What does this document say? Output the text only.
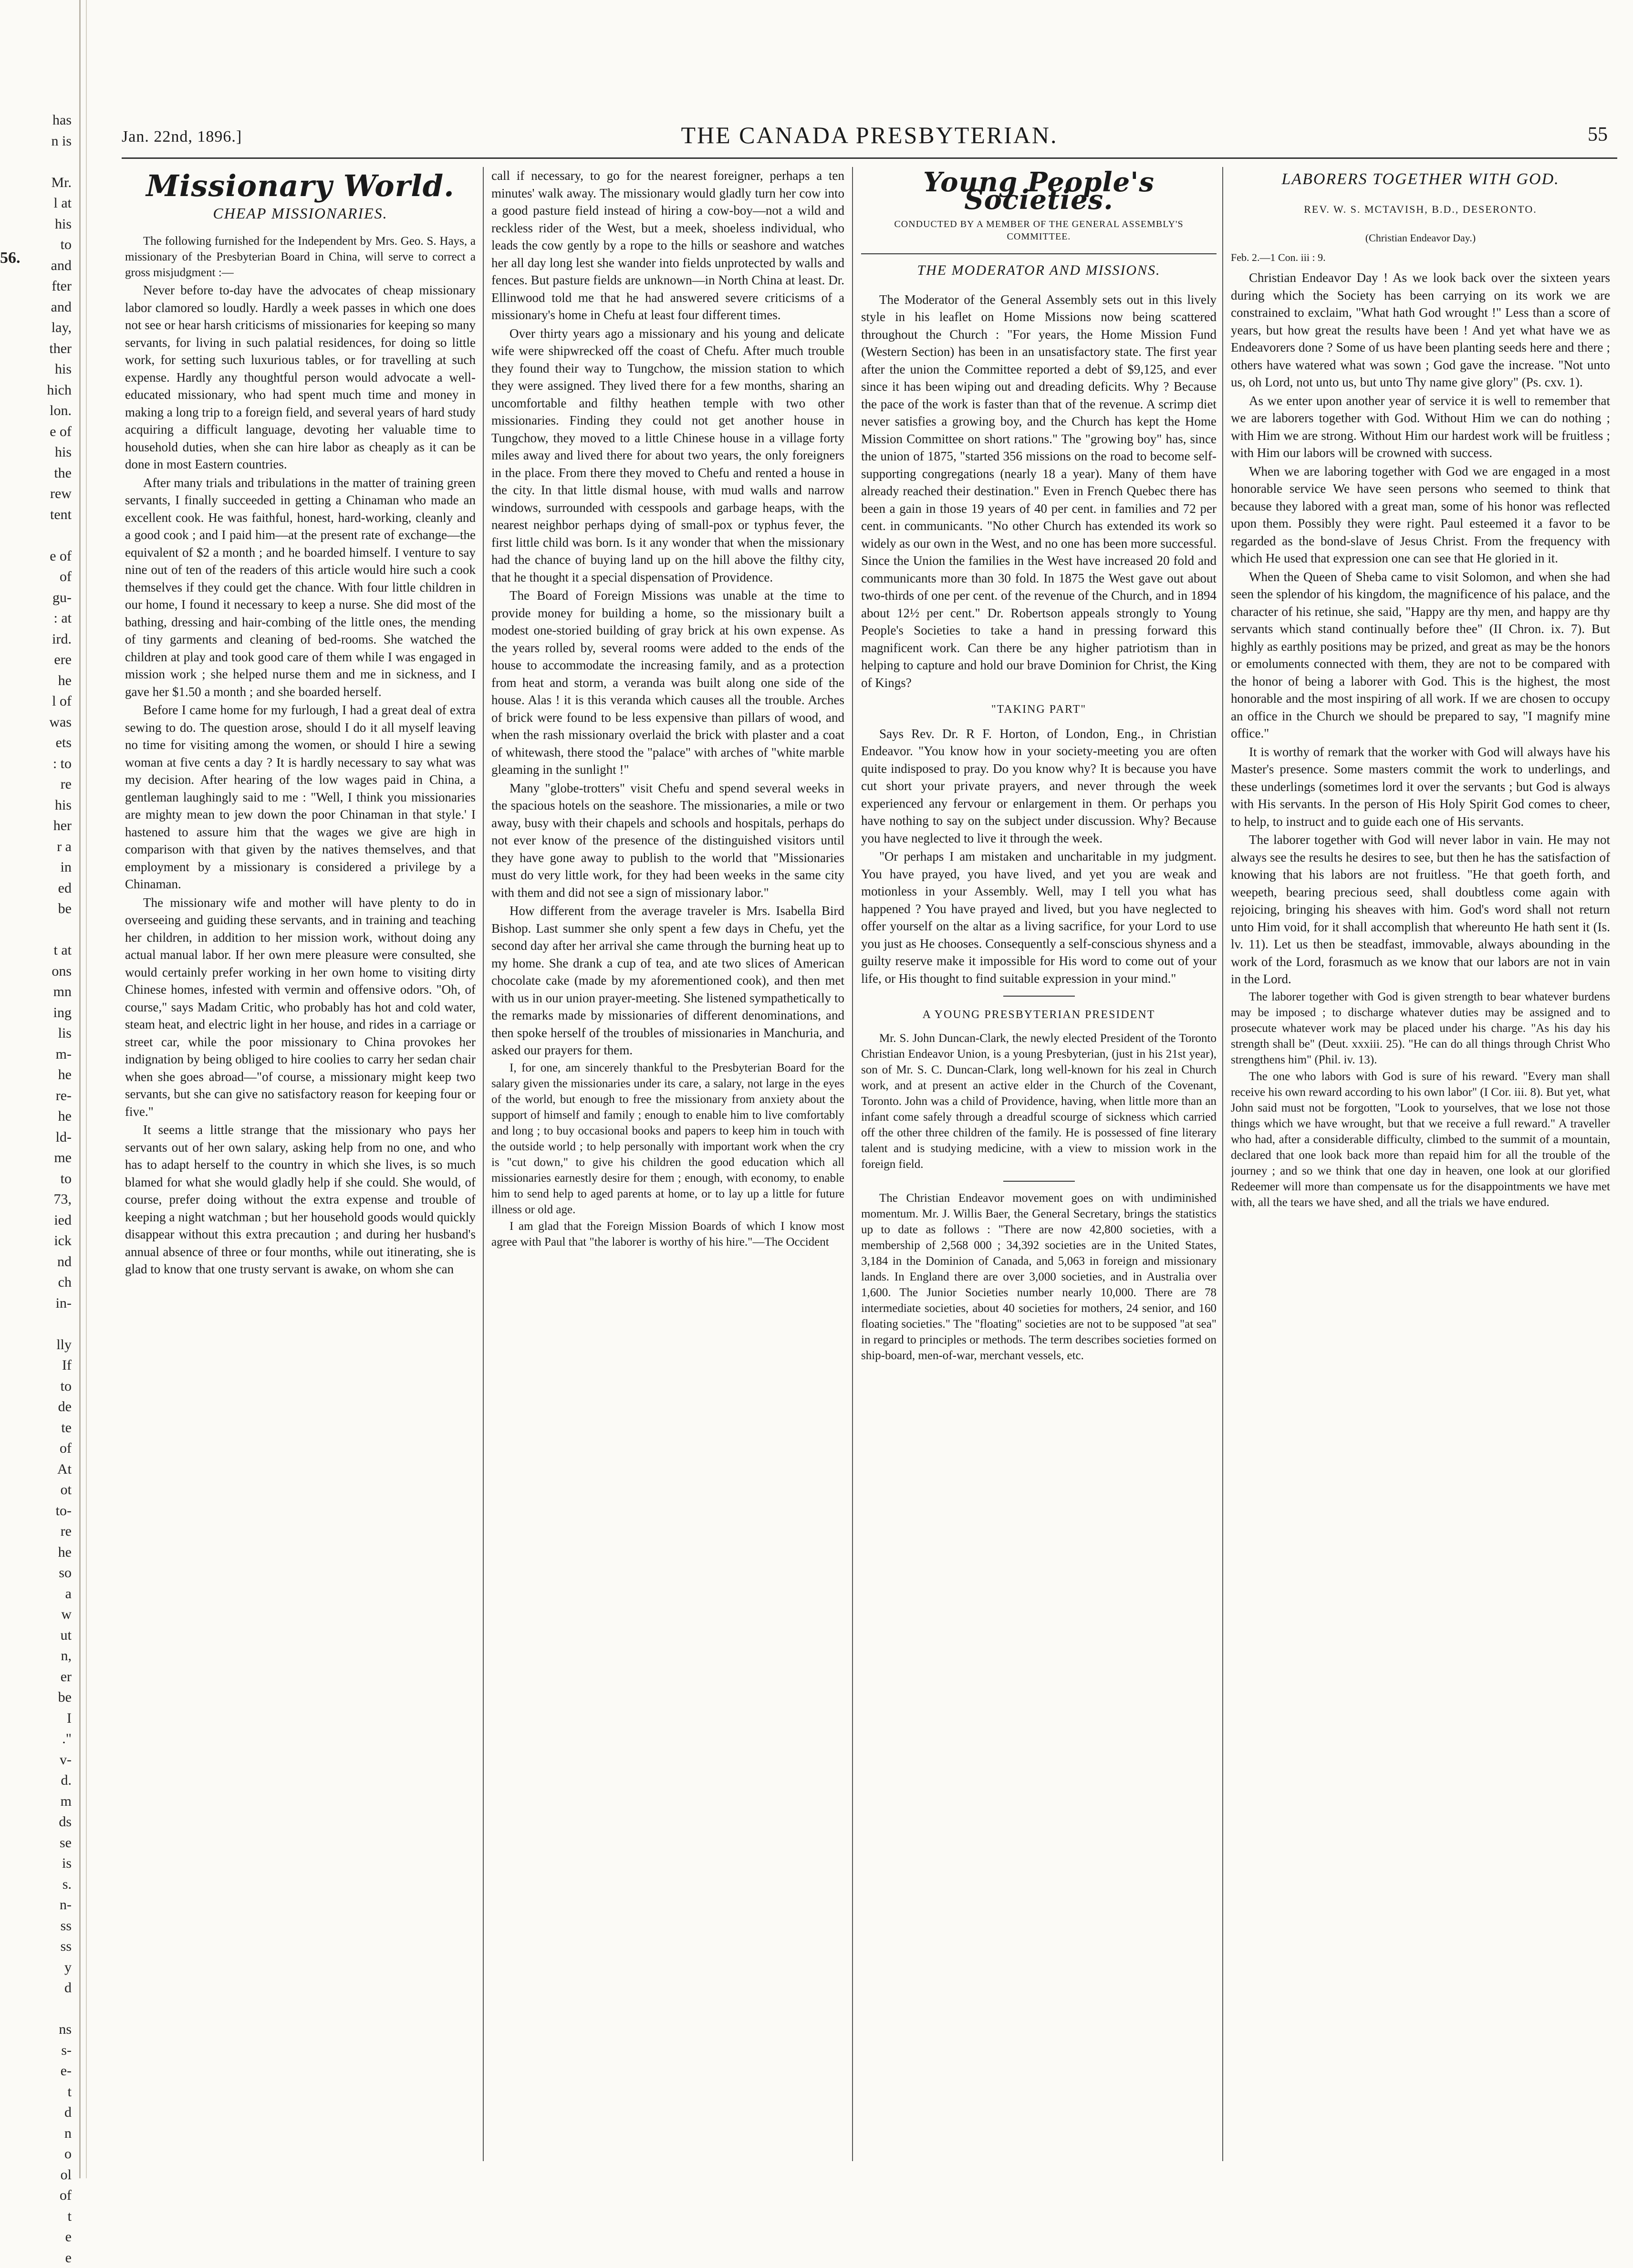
56.
has
n is
Mr.
l at
his
to
and
fter
and
lay,
ther
his
hich
lon.
e of
his
the
rew
tent
e of
of
gu-
: at
ird.
ere
he
l of
was
ets
: to
re
his
her
r a
in
ed
be
t at
ons
mn
ing
lis
m-
he
re-
he
ld-
me
to
73,
ied
ick
nd
ch
in-
lly
If
to
de
te
of
At
ot
to-
re
he
so
a
w
ut
n,
er
be
I
."
v-
d.
m
ds
se
is
s.
n-
ss
ss
y
d
ns
s-
e-
t
d
n
o
ol
of
t
e
e
Jan. 22nd, 1896.]	THE CANADA PRESBYTERIAN.	55
Missionary World.
CHEAP MISSIONARIES.

The following furnished for the Independent by Mrs. Geo. S. Hays, a missionary of the Presbyterian Board in China, will serve to correct a gross misjudgment :—

Never before to-day have the advocates of cheap missionary labor clamored so loudly. Hardly a week passes in which one does not see or hear harsh criticisms of missionaries for keeping so many servants, for living in such palatial residences, for doing so little work, for setting such luxurious tables, or for travelling at such expense. Hardly any thoughtful person would advocate a well-educated missionary, who had spent much time and money in making a long trip to a foreign field, and several years of hard study acquiring a difficult language, devoting her valuable time to household duties, when she can hire labor as cheaply as it can be done in most Eastern countries.

After many trials and tribulations in the matter of training green servants, I finally succeeded in getting a Chinaman who made an excellent cook. He was faithful, honest, hard-working, cleanly and a good cook ; and I paid him—at the present rate of exchange—the equivalent of $2 a month ; and he boarded himself. I venture to say nine out of ten of the readers of this article would hire such a cook themselves if they could get the chance. With four little children in our home, I found it necessary to keep a nurse. She did most of the bathing, dressing and hair-combing of the little ones, the mending of tiny garments and cleaning of bed-rooms. She watched the children at play and took good care of them while I was engaged in mission work ; she helped nurse them and me in sickness, and I gave her $1.50 a month ; and she boarded herself.

Before I came home for my furlough, I had a great deal of extra sewing to do. The question arose, should I do it all myself leaving no time for visiting among the women, or should I hire a sewing woman at five cents a day ? It is hardly necessary to say what was my decision. After hearing of the low wages paid in China, a gentleman laughingly said to me : "Well, I think you missionaries are mighty mean to jew down the poor Chinaman in that style.' I hastened to assure him that the wages we give are high in comparison with that given by the natives themselves, and that employment by a missionary is considered a privilege by a Chinaman.

The missionary wife and mother will have plenty to do in overseeing and guiding these servants, and in training and teaching her children, in addition to her mission work, without doing any actual manual labor. If her own mere pleasure were consulted, she would certainly prefer working in her own home to visiting dirty Chinese homes, infested with vermin and offensive odors. "Oh, of course," says Madam Critic, who probably has hot and cold water, steam heat, and electric light in her house, and rides in a carriage or street car, while the poor missionary to China provokes her indignation by being obliged to hire coolies to carry her sedan chair when she goes abroad—"of course, a missionary might keep two servants, but she can give no satisfactory reason for keeping four or five."

It seems a little strange that the missionary who pays her servants out of her own salary, asking help from no one, and who has to adapt herself to the country in which she lives, is so much blamed for what she would gladly help if she could. She would, of course, prefer doing without the extra expense and trouble of keeping a night watchman ; but her household goods would quickly disappear without this extra precaution ; and during her husband's annual absence of three or four months, while out itinerating, she is glad to know that one trusty servant is awake, on whom she can

call if necessary, to go for the nearest foreigner, perhaps a ten minutes' walk away. The missionary would gladly turn her cow into a good pasture field instead of hiring a cow-boy—not a wild and reckless rider of the West, but a meek, shoeless individual, who leads the cow gently by a rope to the hills or seashore and watches her all day long lest she wander into fields unprotected by walls and fences. But pasture fields are unknown—in North China at least. Dr. Ellinwood told me that he had answered severe criticisms of a missionary's home in Chefu at least four different times.

Over thirty years ago a missionary and his young and delicate wife were shipwrecked off the coast of Chefu. After much trouble they found their way to Tungchow, the mission station to which they were assigned. They lived there for a few months, sharing an uncomfortable and filthy heathen temple with two other missionaries. Finding they could not get another house in Tungchow, they moved to a little Chinese house in a village forty miles away and lived there for about two years, the only foreigners in the place. From there they moved to Chefu and rented a house in the city. In that little dismal house, with mud walls and narrow windows, surrounded with cesspools and garbage heaps, with the nearest neighbor perhaps dying of small-pox or typhus fever, the first little child was born. Is it any wonder that when the missionary had the chance of buying land up on the hill above the filthy city, that he thought it a special dispensation of Providence.

The Board of Foreign Missions was unable at the time to provide money for building a home, so the missionary built a modest one-storied building of gray brick at his own expense. As the years rolled by, several rooms were added to the ends of the house to accommodate the increasing family, and as a protection from heat and storm, a veranda was built along one side of the house. Alas ! it is this veranda which causes all the trouble. Arches of brick were found to be less expensive than pillars of wood, and when the rash missionary overlaid the brick with plaster and a coat of whitewash, there stood the "palace" with arches of "white marble gleaming in the sunlight !"

Many "globe-trotters" visit Chefu and spend several weeks in the spacious hotels on the seashore. The missionaries, a mile or two away, busy with their chapels and schools and hospitals, perhaps do not ever know of the presence of the distinguished visitors until they have gone away to publish to the world that "Missionaries must do very little work, for they had been weeks in the same city with them and did not see a sign of missionary labor."

How different from the average traveler is Mrs. Isabella Bird Bishop. Last summer she only spent a few days in Chefu, yet the second day after her arrival she came through the burning heat up to my home. She drank a cup of tea, and ate two slices of American chocolate cake (made by my aforementioned cook), and then met with us in our union prayer-meeting. She listened sympathetically to the remarks made by missionaries of different denominations, and then spoke herself of the troubles of missionaries in Manchuria, and asked our prayers for them.

I, for one, am sincerely thankful to the Presbyterian Board for the salary given the missionaries under its care, a salary, not large in the eyes of the world, but enough to free the missionary from anxiety about the support of himself and family ; enough to enable him to live comfortably and long ; to buy occasional books and papers to keep him in touch with the outside world ; to help personally with important work when the cry is "cut down," to give his children the good education which all missionaries earnestly desire for them ; enough, with economy, to enable him to send help to aged parents at home, or to lay up a little for future illness or old age.

I am glad that the Foreign Mission Boards of which I know most agree with Paul that "the laborer is worthy of his hire."—The Occident

Young People's Societies.
CONDUCTED BY A MEMBER OF THE GENERAL ASSEMBLY'S COMMITTEE.
THE MODERATOR AND MISSIONS.

The Moderator of the General Assembly sets out in this lively style in his leaflet on Home Missions now being scattered throughout the Church : "For years, the Home Mission Fund (Western Section) has been in an unsatisfactory state. The first year after the union the Committee reported a debt of $9,125, and ever since it has been wiping out and dreading deficits. Why ? Because the pace of the work is faster than that of the revenue. A scrimp diet never satisfies a growing boy, and the Church has kept the Home Mission Committee on short rations." The "growing boy" has, since the union of 1875, "started 356 missions on the road to become self-supporting congregations (nearly 18 a year). Many of them have already reached their destination." Even in French Quebec there has been a gain in those 19 years of 40 per cent. in families and 72 per cent. in communicants. "No other Church has extended its work so widely as our own in the West, and no one has been more successful. Since the Union the families in the West have increased 20 fold and communicants more than 30 fold. In 1875 the West gave out about two-thirds of one per cent. of the revenue of the Church, and in 1894 about 12½ per cent." Dr. Robertson appeals strongly to Young People's Societies to take a hand in pressing forward this magnificent work. Can there be any higher patriotism than in helping to capture and hold our brave Dominion for Christ, the King of Kings?

"TAKING PART"

Says Rev. Dr. R F. Horton, of London, Eng., in Christian Endeavor. "You know how in your society-meeting you are often quite indisposed to pray. Do you know why? It is because you have cut short your private prayers, and never through the week experienced any fervour or enlargement in them. Or perhaps you have nothing to say on the subject under discussion. Why? Because you have neglected to live it through the week.

"Or perhaps I am mistaken and uncharitable in my judgment. You have prayed, you have lived, and yet you are weak and motionless in your Assembly. Well, may I tell you what has happened ? You have prayed and lived, but you have neglected to offer yourself on the altar as a living sacrifice, for your Lord to use you just as He chooses. Consequently a self-conscious shyness and a guilty reserve make it impossible for His word to come out of your life, or His thought to find suitable expression in your mind."

A YOUNG PRESBYTERIAN PRESIDENT

Mr. S. John Duncan-Clark, the newly elected President of the Toronto Christian Endeavor Union, is a young Presbyterian, (just in his 21st year), son of Mr. S. C. Duncan-Clark, long well-known for his zeal in Church work, and at present an active elder in the Church of the Covenant, Toronto. John was a child of Providence, having, when little more than an infant come safely through a dreadful scourge of sickness which carried off the other three children of the family. He is possessed of fine literary talent and is studying medicine, with a view to mission work in the foreign field.

The Christian Endeavor movement goes on with undiminished momentum. Mr. J. Willis Baer, the General Secretary, brings the statistics up to date as follows : "There are now 42,800 societies, with a membership of 2,568 000 ; 34,392 societies are in the United States, 3,184 in the Dominion of Canada, and 5,063 in foreign and missionary lands. In England there are over 3,000 societies, and in Australia over 1,600. The Junior Societies number nearly 10,000. There are 78 intermediate societies, about 40 societies for mothers, 24 senior, and 160 floating societies." The "floating" societies are not to be supposed "at sea" in regard to principles or methods. The term describes societies formed on ship-board, men-of-war, merchant vessels, etc.

LABORERS TOGETHER WITH GOD.
REV. W. S. MCTAVISH, B.D., DESERONTO.
(Christian Endeavor Day.)
Feb. 2.—1 Con. iii : 9.

Christian Endeavor Day ! As we look back over the sixteen years during which the Society has been carrying on its work we are constrained to exclaim, "What hath God wrought !" Less than a score of years, but how great the results have been ! And yet what have we as Endeavorers done ? Some of us have been planting seeds here and there ; others have watered what was sown ; God gave the increase. "Not unto us, oh Lord, not unto us, but unto Thy name give glory" (Ps. cxv. 1).

As we enter upon another year of service it is well to remember that we are laborers together with God. Without Him we can do nothing ; with Him we are strong. Without Him our hardest work will be fruitless ; with Him our labors will be crowned with success.

When we are laboring together with God we are engaged in a most honorable service We have seen persons who seemed to think that because they labored with a great man, some of his honor was reflected upon them. Possibly they were right. Paul esteemed it a favor to be regarded as the bond-slave of Jesus Christ. From the frequency with which He used that expression one can see that He gloried in it.

When the Queen of Sheba came to visit Solomon, and when she had seen the splendor of his kingdom, the magnificence of his palace, and the character of his retinue, she said, "Happy are thy men, and happy are thy servants which stand continually before thee" (II Chron. ix. 7). But highly as earthly positions may be prized, and great as may be the honors or emoluments connected with them, they are not to be compared with the honor of being a laborer with God. This is the highest, the most honorable and the most inspiring of all work. If we are chosen to occupy an office in the Church we should be prepared to say, "I magnify mine office."

It is worthy of remark that the worker with God will always have his Master's presence. Some masters commit the work to underlings, and these underlings (sometimes lord it over the servants ; but God is always with His servants. In the person of His Holy Spirit God comes to cheer, to help, to instruct and to guide each one of His servants.

The laborer together with God will never labor in vain. He may not always see the results he desires to see, but then he has the satisfaction of knowing that his labors are not fruitless. "He that goeth forth, and weepeth, bearing precious seed, shall doubtless come again with rejoicing, bringing his sheaves with him. God's word shall not return unto Him void, for it shall accomplish that whereunto He hath sent it (Is. lv. 11). Let us then be steadfast, immovable, always abounding in the work of the Lord, forasmuch as we know that our labors are not in vain in the Lord.

The laborer together with God is given strength to bear whatever burdens may be imposed ; to discharge whatever duties may be assigned and to prosecute whatever work may be placed under his charge. "As his day his strength shall be" (Deut. xxxiii. 25). "He can do all things through Christ Who strengthens him" (Phil. iv. 13).

The one who labors with God is sure of his reward. "Every man shall receive his own reward according to his own labor" (I Cor. iii. 8). But yet, what John said must not be forgotten, "Look to yourselves, that we lose not those things which we have wrought, but that we receive a full reward." A traveller who had, after a considerable difficulty, climbed to the summit of a mountain, declared that one look back more than repaid him for all the trouble of the journey ; and so we think that one day in heaven, one look at our glorified Redeemer will more than compensate us for the disappointments we have met with, all the tears we have shed, and all the trials we have endured.
